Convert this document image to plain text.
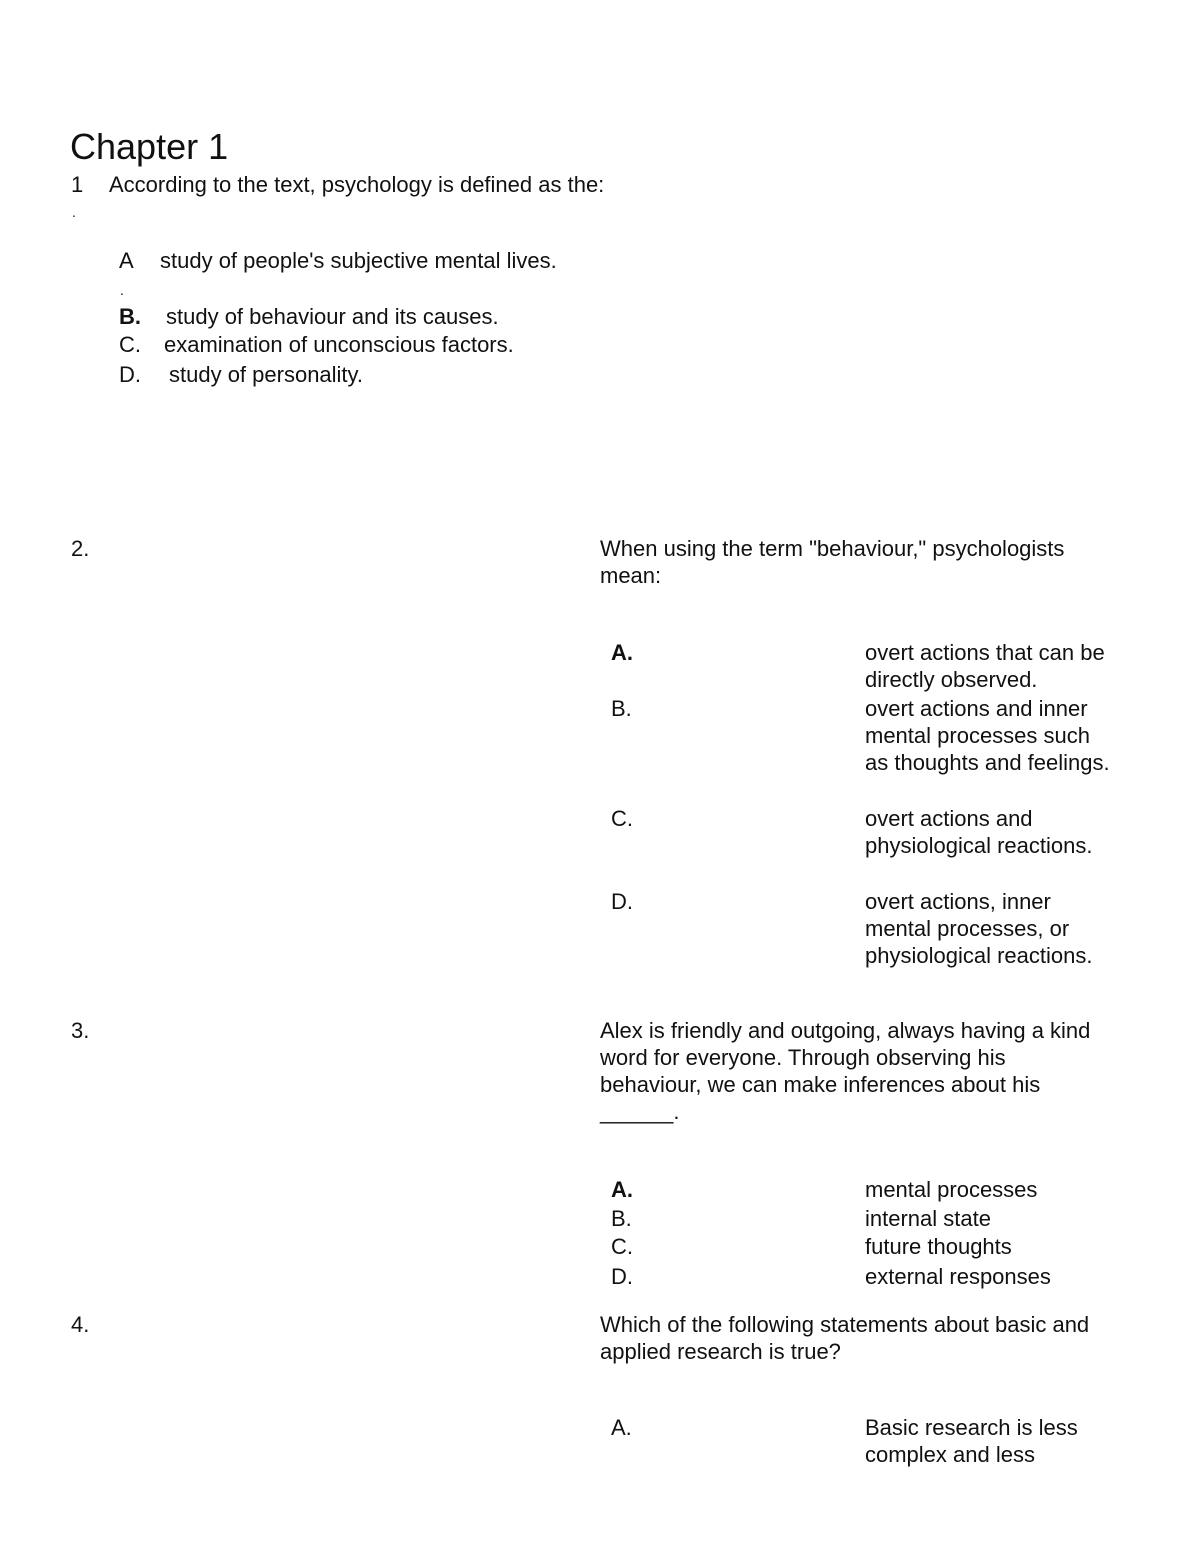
Chapter 1
1 According to the text, psychology is defined as the:
.
A study of people's subjective mental lives.
.
B. study of behaviour and its causes.
C. examination of unconscious factors.
D. study of personality.
2.	When using the term "behaviour," psychologists mean:
A.	overt actions that can be directly observed.
B.	overt actions and inner mental processes such as thoughts and feelings.
C.	overt actions and physiological reactions.
D.	overt actions, inner mental processes, or physiological reactions.
3.	Alex is friendly and outgoing, always having a kind word for everyone. Through observing his behaviour, we can make inferences about his ______.
A.	mental processes
B.	internal state
C.	future thoughts
D.	external responses
4.	Which of the following statements about basic and applied research is true?
A.	Basic research is less complex and less
